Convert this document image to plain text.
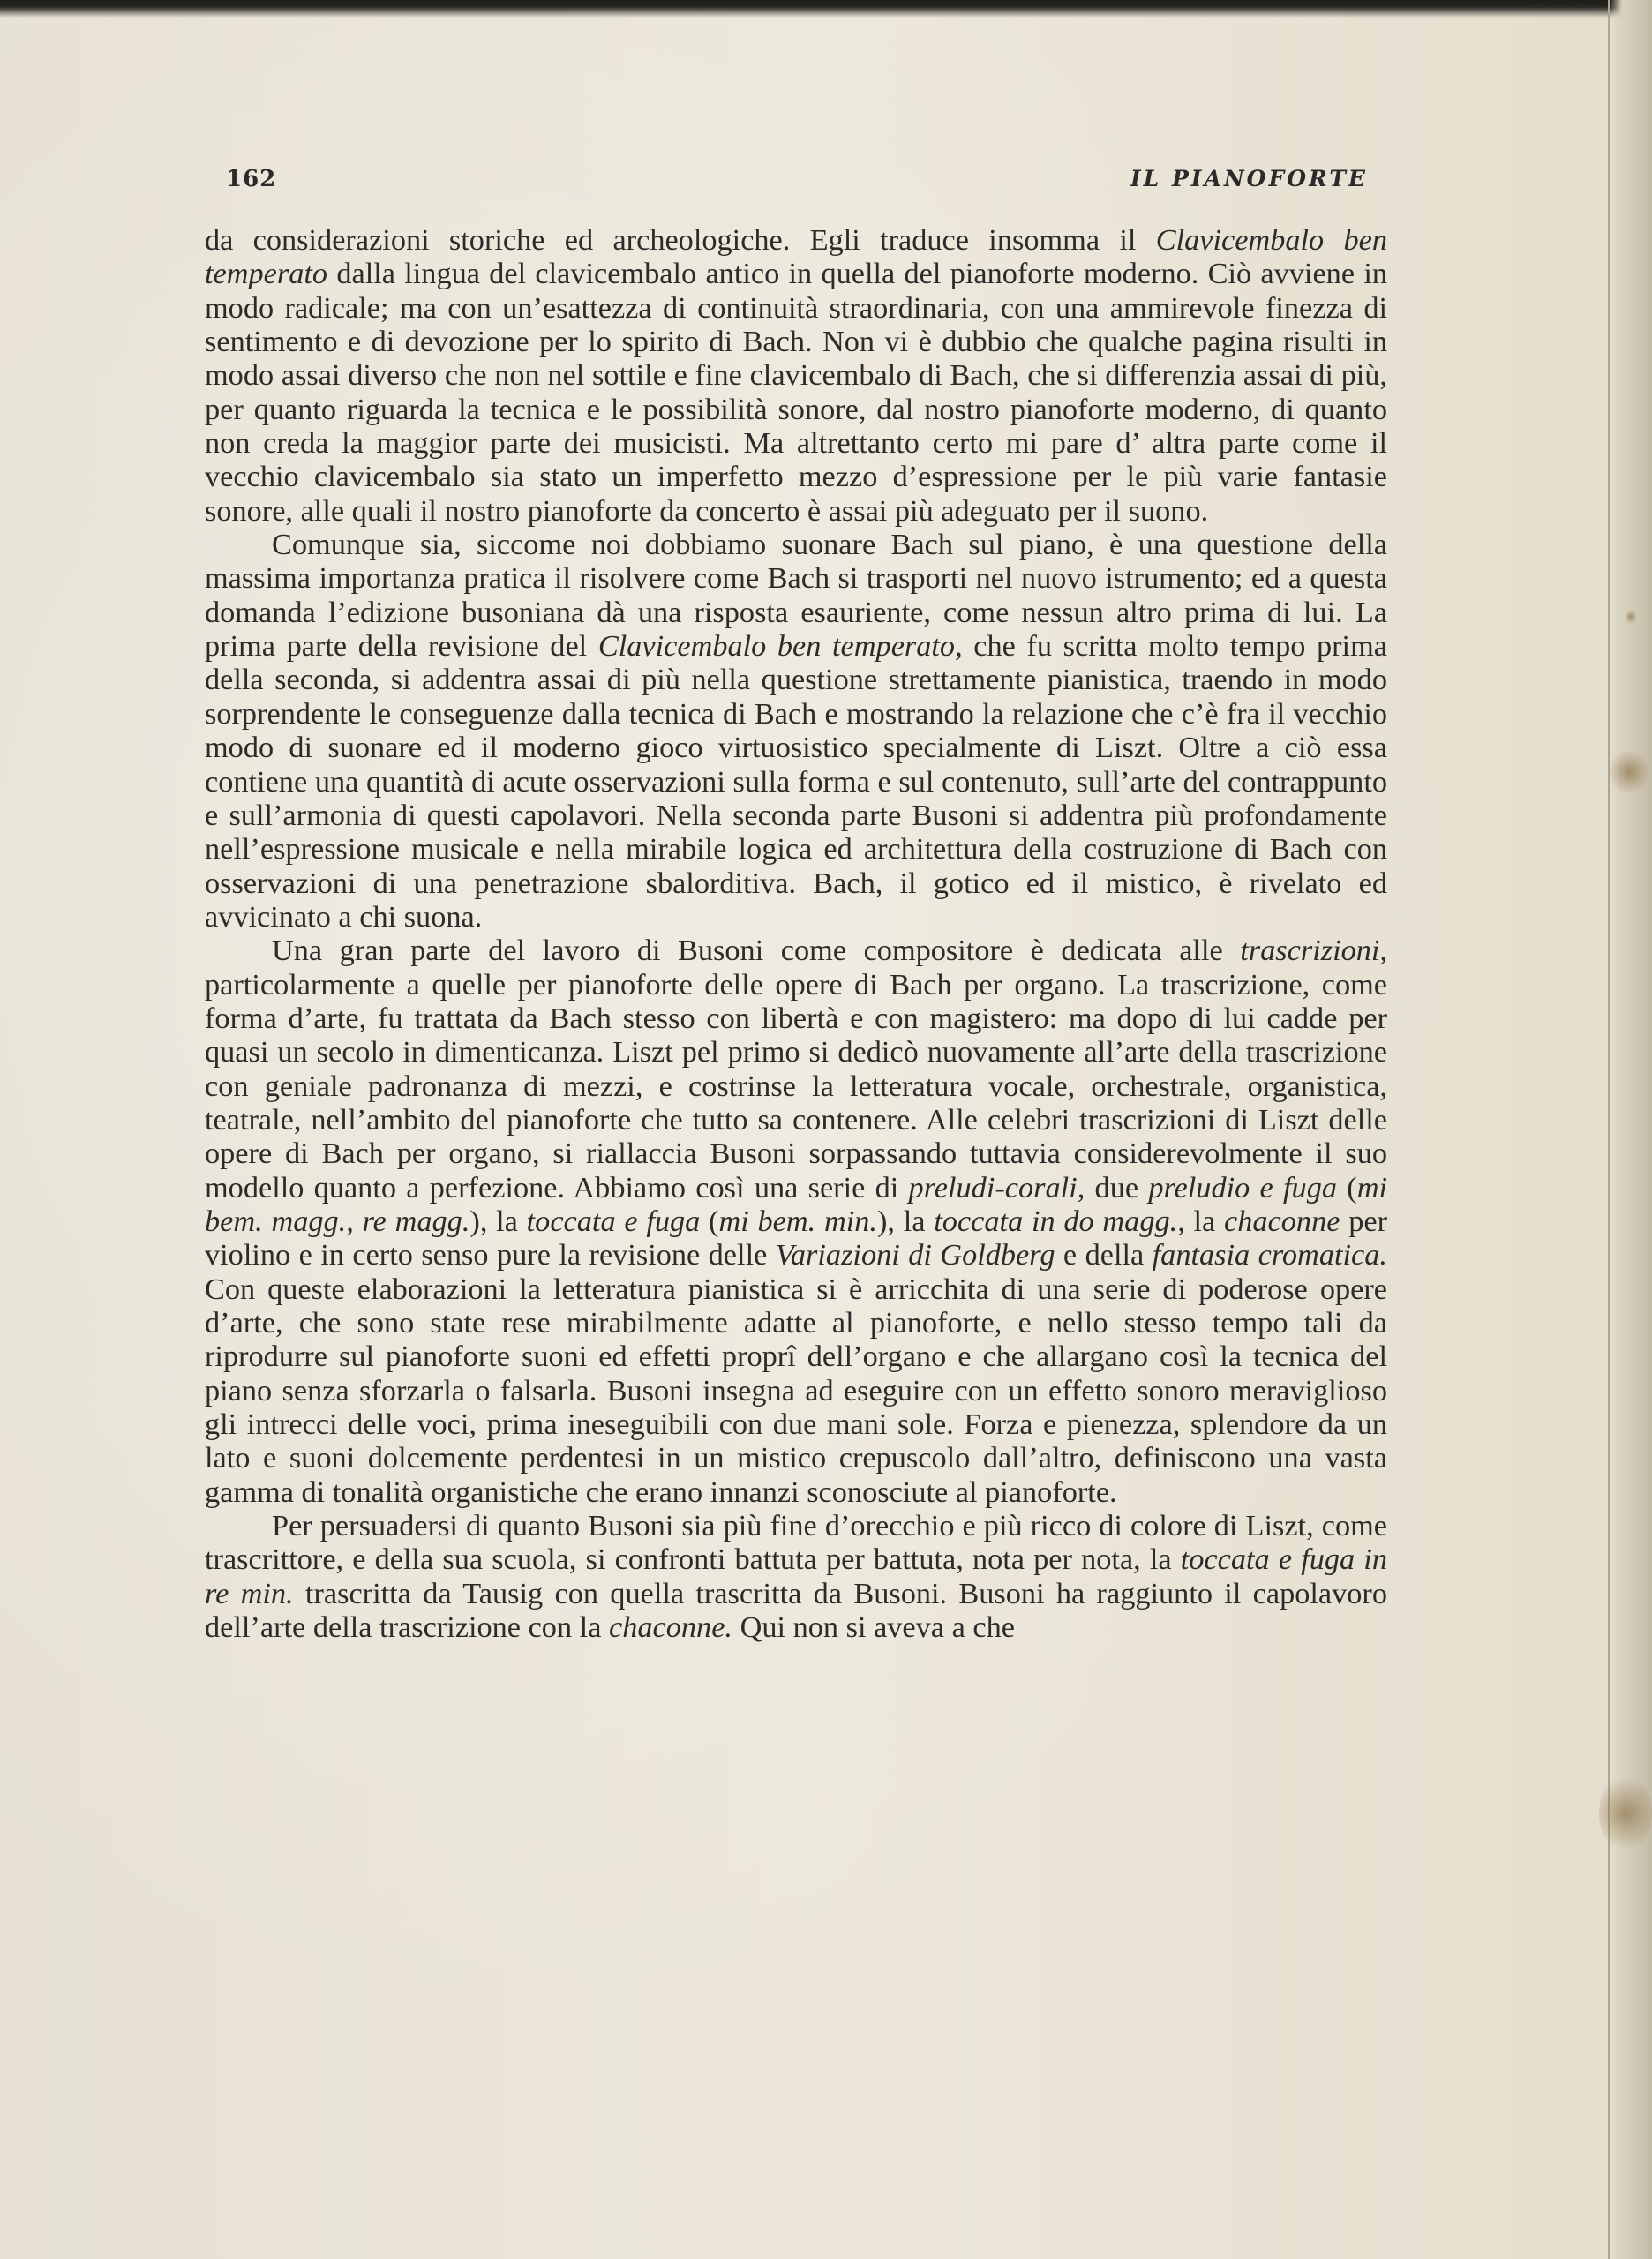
162	IL PIANOFORTE

da considerazioni storiche ed archeologiche. Egli traduce insomma il Clavicembalo ben temperato dalla lingua del clavicembalo antico in quella del pianoforte moderno. Ciò avviene in modo radicale; ma con un’esattezza di continuità straordinaria, con una ammirevole finezza di sentimento e di devozione per lo spirito di Bach. Non vi è dubbio che qualche pagina risulti in modo assai diverso che non nel sottile e fine clavicembalo di Bach, che si differenzia assai di più, per quanto riguarda la tecnica e le possibilità sonore, dal nostro pianoforte moderno, di quanto non creda la maggior parte dei musicisti. Ma altrettanto certo mi pare d’ altra parte come il vecchio clavicembalo sia stato un imperfetto mezzo d’espressione per le più varie fantasie sonore, alle quali il nostro pianoforte da concerto è assai più adeguato per il suono.

Comunque sia, siccome noi dobbiamo suonare Bach sul piano, è una questione della massima importanza pratica il risolvere come Bach si trasporti nel nuovo istrumento; ed a questa domanda l’edizione busoniana dà una risposta esauriente, come nessun altro prima di lui. La prima parte della revisione del Clavicembalo ben temperato, che fu scritta molto tempo prima della seconda, si addentra assai di più nella questione strettamente pianistica, traendo in modo sorprendente le conseguenze dalla tecnica di Bach e mostrando la relazione che c’è fra il vecchio modo di suonare ed il moderno gioco virtuosistico specialmente di Liszt. Oltre a ciò essa contiene una quantità di acute osservazioni sulla forma e sul contenuto, sull’arte del contrappunto e sull’armonia di questi capolavori. Nella seconda parte Busoni si addentra più profondamente nell’espressione musicale e nella mirabile logica ed architettura della costruzione di Bach con osservazioni di una penetrazione sbalorditiva. Bach, il gotico ed il mistico, è rivelato ed avvicinato a chi suona.

Una gran parte del lavoro di Busoni come compositore è dedicata alle trascrizioni, particolarmente a quelle per pianoforte delle opere di Bach per organo. La trascrizione, come forma d’arte, fu trattata da Bach stesso con libertà e con magistero: ma dopo di lui cadde per quasi un secolo in dimenticanza. Liszt pel primo si dedicò nuovamente all’arte della trascrizione con geniale padronanza di mezzi, e costrinse la letteratura vocale, orchestrale, organistica, teatrale, nell’ambito del pianoforte che tutto sa contenere. Alle celebri trascrizioni di Liszt delle opere di Bach per organo, si riallaccia Busoni sorpassando tuttavia considerevolmente il suo modello quanto a perfezione. Abbiamo così una serie di preludi-corali, due preludio e fuga (mi bem. magg., re magg.), la toccata e fuga (mi bem. min.), la toccata in do magg., la chaconne per violino e in certo senso pure la revisione delle Variazioni di Goldberg e della fantasia cromatica. Con queste elaborazioni la letteratura pianistica si è arricchita di una serie di poderose opere d’arte, che sono state rese mirabilmente adatte al pianoforte, e nello stesso tempo tali da riprodurre sul pianoforte suoni ed effetti proprî dell’organo e che allargano così la tecnica del piano senza sforzarla o falsarla. Busoni insegna ad eseguire con un effetto sonoro meraviglioso gli intrecci delle voci, prima ineseguibili con due mani sole. Forza e pienezza, splendore da un lato e suoni dolcemente perdentesi in un mistico crepuscolo dall’altro, definiscono una vasta gamma di tonalità organistiche che erano innanzi sconosciute al pianoforte.

Per persuadersi di quanto Busoni sia più fine d’orecchio e più ricco di colore di Liszt, come trascrittore, e della sua scuola, si confronti battuta per battuta, nota per nota, la toccata e fuga in re min. trascritta da Tausig con quella trascritta da Busoni. Busoni ha raggiunto il capolavoro dell’arte della trascrizione con la chaconne. Qui non si aveva a che
